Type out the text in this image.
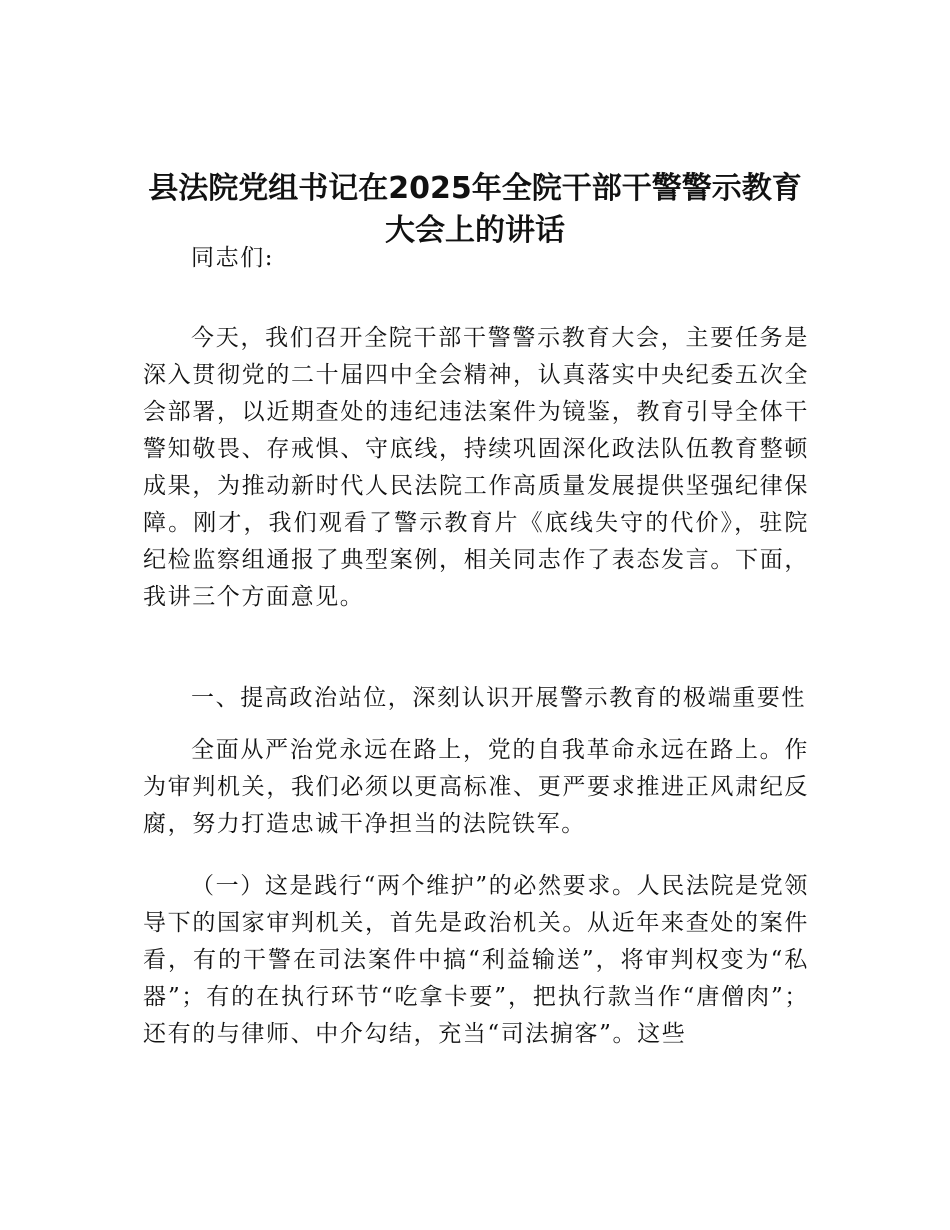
县法院党组书记在2025年全院干部干警警示教育大会上的讲话

同志们:

今天，我们召开全院干部干警警示教育大会，主要任务是深入贯彻党的二十届四中全会精神，认真落实中央纪委五次全会部署，以近期查处的违纪违法案件为镜鉴，教育引导全体干警知敬畏、存戒惧、守底线，持续巩固深化政法队伍教育整顿成果，为推动新时代人民法院工作高质量发展提供坚强纪律保障。刚才，我们观看了警示教育片《底线失守的代价》，驻院纪检监察组通报了典型案例，相关同志作了表态发言。下面，我讲三个方面意见。

一、提高政治站位，深刻认识开展警示教育的极端重要性

全面从严治党永远在路上，党的自我革命永远在路上。作为审判机关，我们必须以更高标准、更严要求推进正风肃纪反腐，努力打造忠诚干净担当的法院铁军。

（一）这是践行“两个维护”的必然要求。人民法院是党领导下的国家审判机关，首先是政治机关。从近年来查处的案件看，有的干警在司法案件中搞“利益输送”，将审判权变为“私器”；有的在执行环节“吃拿卡要”，把执行款当作“唐僧肉”；还有的与律师、中介勾结，充当“司法掮客”。这些
